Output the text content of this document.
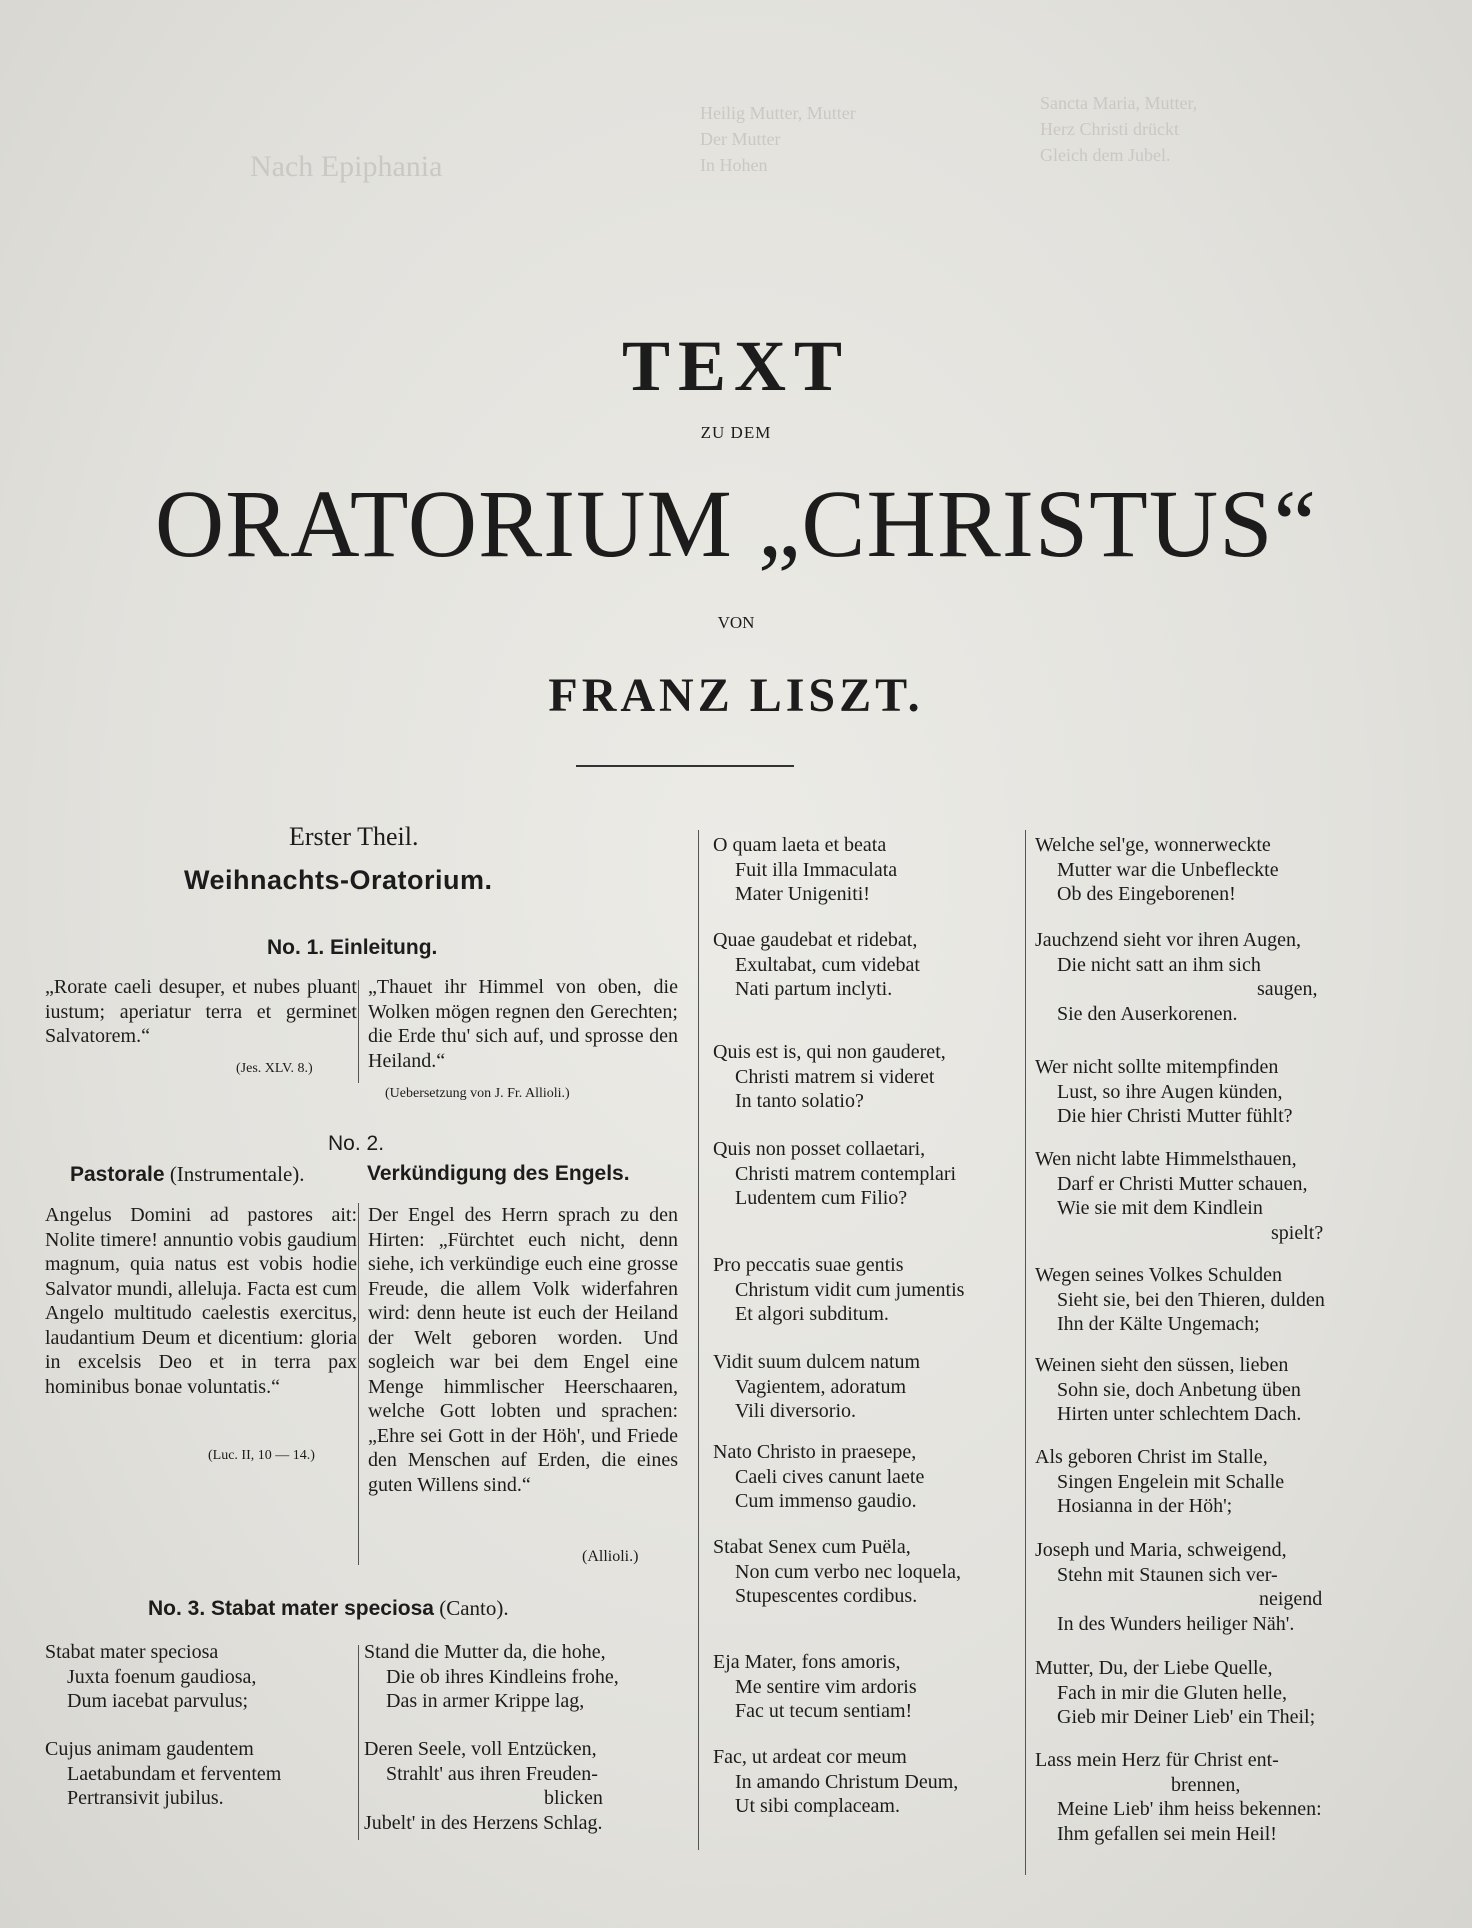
Nach Epiphania
Sancta Maria, Mutter,
Herz Christi drückt
Gleich dem Jubel.
Heilig Mutter, Mutter
Der Mutter
In Hohen
TEXT
ZU DEM
ORATORIUM „CHRISTUS“
VON
FRANZ LISZT.
Erster Theil.
Weihnachts-Oratorium.
No. 1. Einleitung.
„Rorate caeli desuper, et nubes pluant iustum; aperiatur terra et germinet Salvatorem.“
(Jes. XLV. 8.)
„Thauet ihr Himmel von oben, die Wolken mögen regnen den Gerechten; die Erde thu' sich auf, und sprosse den Heiland.“
(Uebersetzung von J. Fr. Allioli.)
No. 2.
Pastorale (Instrumentale).	Verkündigung des Engels.
Angelus Domini ad pastores ait: Nolite timere! annuntio vobis gaudium magnum, quia natus est vobis hodie Salvator mundi, alleluja. Facta est cum Angelo multitudo caelestis exercitus, laudantium Deum et dicentium: gloria in excelsis Deo et in terra pax hominibus bonae voluntatis.“
(Luc. II, 10 — 14.)
Der Engel des Herrn sprach zu den Hirten: „Fürchtet euch nicht, denn siehe, ich verkündige euch eine grosse Freude, die allem Volk widerfahren wird: denn heute ist euch der Heiland der Welt geboren worden. Und sogleich war bei dem Engel eine Menge himmlischer Heerschaaren, welche Gott lobten und sprachen: „Ehre sei Gott in der Höh', und Friede den Menschen auf Erden, die eines guten Willens sind.“
(Allioli.)
No. 3. Stabat mater speciosa (Canto).
Stabat mater speciosa
Juxta foenum gaudiosa,
Dum iacebat parvulus;
Cujus animam gaudentem
Laetabundam et ferventem
Pertransivit jubilus.
Stand die Mutter da, die hohe,
Die ob ihres Kindleins frohe,
Das in armer Krippe lag,
Deren Seele, voll Entzücken,
Strahlt' aus ihren Freuden-
blicken
Jubelt' in des Herzens Schlag.
O quam laeta et beata
Fuit illa Immaculata
Mater Unigeniti!
Quae gaudebat et ridebat,
Exultabat, cum videbat
Nati partum inclyti.
Quis est is, qui non gauderet,
Christi matrem si videret
In tanto solatio?
Quis non posset collaetari,
Christi matrem contemplari
Ludentem cum Filio?
Pro peccatis suae gentis
Christum vidit cum jumentis
Et algori subditum.
Vidit suum dulcem natum
Vagientem, adoratum
Vili diversorio.
Nato Christo in praesepe,
Caeli cives canunt laete
Cum immenso gaudio.
Stabat Senex cum Puëla,
Non cum verbo nec loquela,
Stupescentes cordibus.
Eja Mater, fons amoris,
Me sentire vim ardoris
Fac ut tecum sentiam!
Fac, ut ardeat cor meum
In amando Christum Deum,
Ut sibi complaceam.
Welche sel'ge, wonnerweckte
Mutter war die Unbefleckte
Ob des Eingeborenen!
Jauchzend sieht vor ihren Augen,
Die nicht satt an ihm sich
saugen,
Sie den Auserkorenen.
Wer nicht sollte mitempfinden
Lust, so ihre Augen künden,
Die hier Christi Mutter fühlt?
Wen nicht labte Himmelsthauen,
Darf er Christi Mutter schauen,
Wie sie mit dem Kindlein
spielt?
Wegen seines Volkes Schulden
Sieht sie, bei den Thieren, dulden
Ihn der Kälte Ungemach;
Weinen sieht den süssen, lieben
Sohn sie, doch Anbetung üben
Hirten unter schlechtem Dach.
Als geboren Christ im Stalle,
Singen Engelein mit Schalle
Hosianna in der Höh';
Joseph und Maria, schweigend,
Stehn mit Staunen sich ver-
neigend
In des Wunders heiliger Näh'.
Mutter, Du, der Liebe Quelle,
Fach in mir die Gluten helle,
Gieb mir Deiner Lieb' ein Theil;
Lass mein Herz für Christ ent-
brennen,
Meine Lieb' ihm heiss bekennen:
Ihm gefallen sei mein Heil!
